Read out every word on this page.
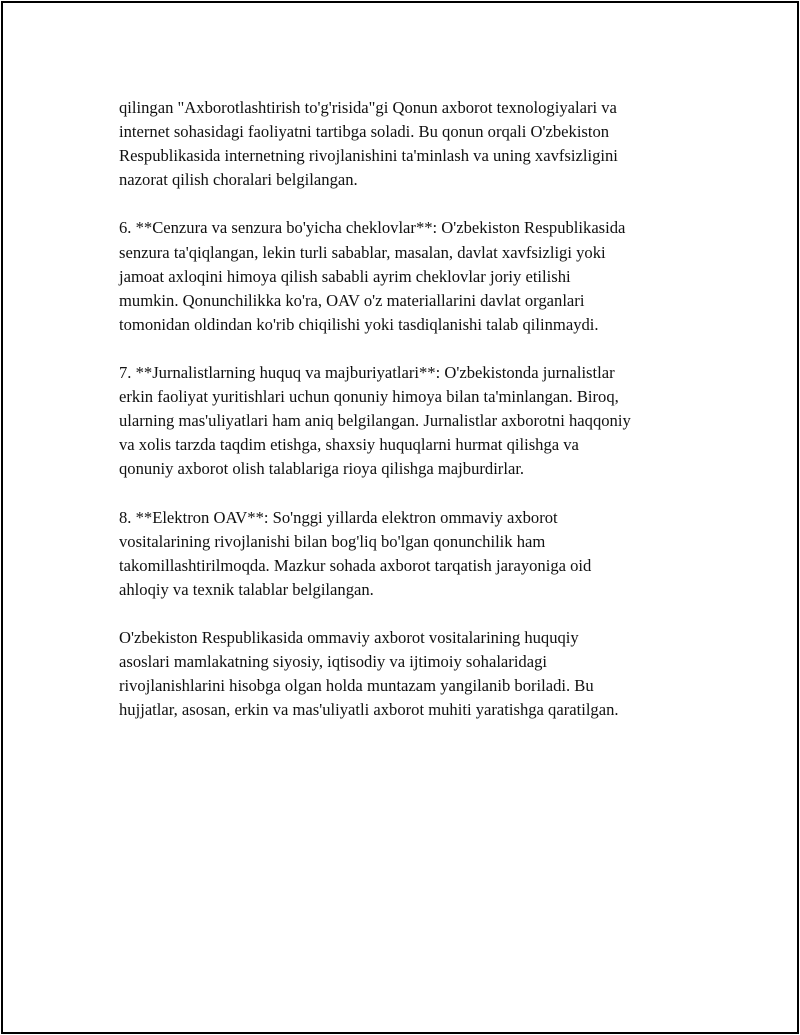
qilingan "Axborotlashtirish to'g'risida"gi Qonun axborot texnologiyalari va
internet sohasidagi faoliyatni tartibga soladi. Bu qonun orqali O'zbekiston
Respublikasida internetning rivojlanishini ta'minlash va uning xavfsizligini
nazorat qilish choralari belgilangan.

6. **Cenzura va senzura bo'yicha cheklovlar**: O'zbekiston Respublikasida
senzura ta'qiqlangan, lekin turli sabablar, masalan, davlat xavfsizligi yoki
jamoat axloqini himoya qilish sababli ayrim cheklovlar joriy etilishi
mumkin. Qonunchilikka ko'ra, OAV o'z materiallarini davlat organlari
tomonidan oldindan ko'rib chiqilishi yoki tasdiqlanishi talab qilinmaydi.

7. **Jurnalistlarning huquq va majburiyatlari**: O'zbekistonda jurnalistlar
erkin faoliyat yuritishlari uchun qonuniy himoya bilan ta'minlangan. Biroq,
ularning mas'uliyatlari ham aniq belgilangan. Jurnalistlar axborotni haqqoniy
va xolis tarzda taqdim etishga, shaxsiy huquqlarni hurmat qilishga va
qonuniy axborot olish talablariga rioya qilishga majburdirlar.

8. **Elektron OAV**: So'nggi yillarda elektron ommaviy axborot
vositalarining rivojlanishi bilan bog'liq bo'lgan qonunchilik ham
takomillashtirilmoqda. Mazkur sohada axborot tarqatish jarayoniga oid
ahloqiy va texnik talablar belgilangan.

O'zbekiston Respublikasida ommaviy axborot vositalarining huquqiy
asoslari mamlakatning siyosiy, iqtisodiy va ijtimoiy sohalaridagi
rivojlanishlarini hisobga olgan holda muntazam yangilanib boriladi. Bu
hujjatlar, asosan, erkin va mas'uliyatli axborot muhiti yaratishga qaratilgan.
